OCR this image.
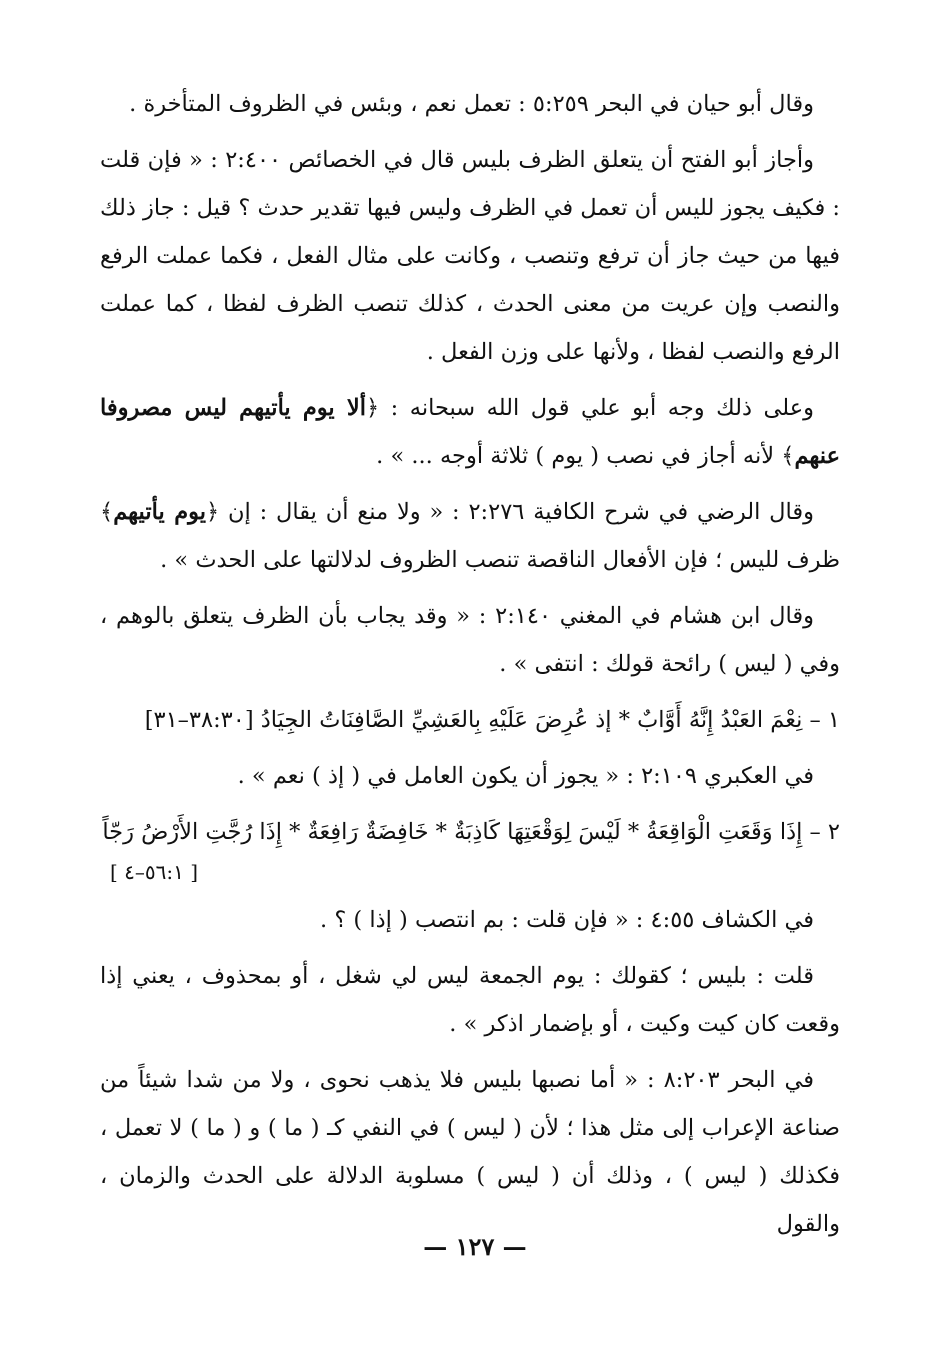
وقال أبو حيان في البحر ٥:٢٥٩ : تعمل نعم ، وبئس في الظروف المتأخرة .

وأجاز أبو الفتح أن يتعلق الظرف بليس قال في الخصائص ٢:٤٠٠ : « فإن قلت : فكيف يجوز لليس أن تعمل في الظرف وليس فيها تقدير حدث ؟ قيل : جاز ذلك فيها من حيث جاز أن ترفع وتنصب ، وكانت على مثال الفعل ، فكما عملت الرفع والنصب وإن عريت من معنى الحدث ، كذلك تنصب الظرف لفظا ، كما عملت الرفع والنصب لفظا ، ولأنها على وزن الفعل .

وعلى ذلك وجه أبو علي قول الله سبحانه : ﴿ألا يوم يأتيهم ليس مصروفا عنهم﴾ لأنه أجاز في نصب ( يوم ) ثلاثة أوجه ... » .

وقال الرضي في شرح الكافية ٢:٢٧٦ : « ولا منع أن يقال : إن ﴿يوم يأتيهم﴾ ظرف لليس ؛ فإن الأفعال الناقصة تنصب الظروف لدلالتها على الحدث » .

وقال ابن هشام في المغني ٢:١٤٠ : « وقد يجاب بأن الظرف يتعلق بالوهم ، وفي ( ليس ) رائحة قولك : انتفى » .

١ – نِعْمَ العَبْدُ إِنَّهُ أَوَّابٌ * إذ عُرِضَ عَلَيْهِ بِالعَشِيِّ الصَّافِنَاتُ الجِيَادُ [٣٨:٣٠–٣١]

في العكبري ٢:١٠٩ : « يجوز أن يكون العامل في ( إذ ) نعم » .

٢ – إِذَا وَقَعَتِ الْوَاقِعَةُ * لَيْسَ لِوَقْعَتِهَا كَاذِبَةٌ * خَافِضَةٌ رَافِعَةٌ * إِذَا رُجَّتِ الأَرْضُ رَجّاً
[ ٥٦:١–٤ ]

في الكشاف ٤:٥٥ : « فإن قلت : بم انتصب ( إذا ) ؟ .

قلت : بليس ؛ كقولك : يوم الجمعة ليس لي شغل ، أو بمحذوف ، يعني إذا وقعت كان كيت وكيت ، أو بإضمار اذكر » .

في البحر ٨:٢٠٣ : « أما نصبها بليس فلا يذهب نحوى ، ولا من شدا شيئاً من صناعة الإعراب إلى مثل هذا ؛ لأن ( ليس ) في النفي كـ ( ما ) و ( ما ) لا تعمل ، فكذلك ( ليس ) ، وذلك أن ( ليس ) مسلوبة الدلالة على الحدث والزمان ، والقول

— ١٢٧ —
